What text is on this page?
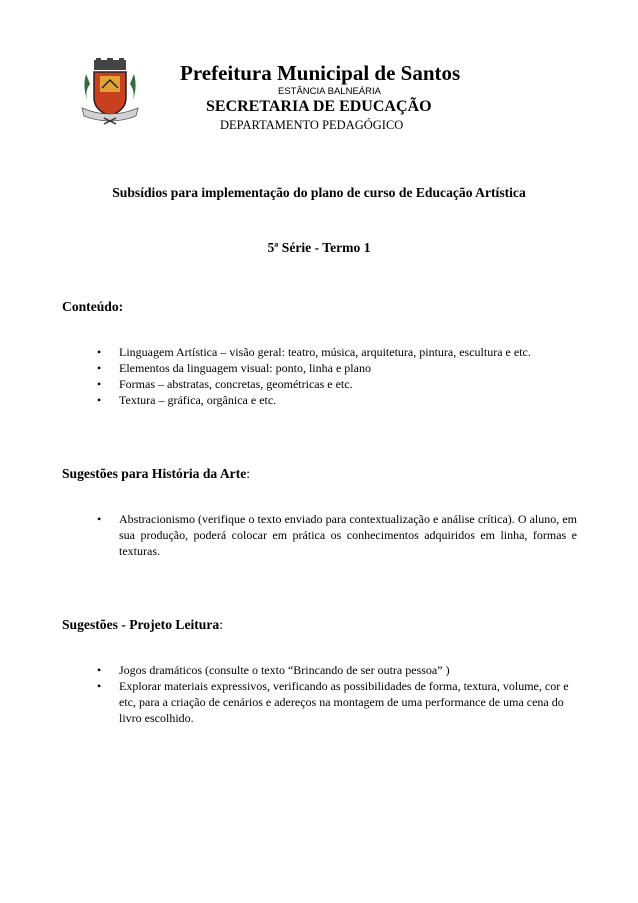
Prefeitura Municipal de Santos
ESTÂNCIA BALNEÁRIA
SECRETARIA DE EDUCAÇÃO
DEPARTAMENTO PEDAGÓGICO
Subsídios para implementação do plano de curso de Educação Artística
5ª Série - Termo 1
Conteúdo:
• Linguagem Artística – visão geral: teatro, música, arquitetura, pintura, escultura e etc.
• Elementos da linguagem visual: ponto, linha e plano
• Formas – abstratas, concretas, geométricas e etc.
• Textura – gráfica, orgânica e etc.
Sugestões para História da Arte:
• Abstracionismo (verifique o texto enviado para contextualização e análise crítica). O aluno, em sua produção, poderá colocar em prática os conhecimentos adquiridos em linha, formas e texturas.
Sugestões - Projeto Leitura:
• Jogos dramáticos (consulte o texto “Brincando de ser outra pessoa” )
• Explorar materiais expressivos, verificando as possibilidades de forma, textura, volume, cor e etc, para a criação de cenários e adereços na montagem de uma performance de uma cena do livro escolhido.
